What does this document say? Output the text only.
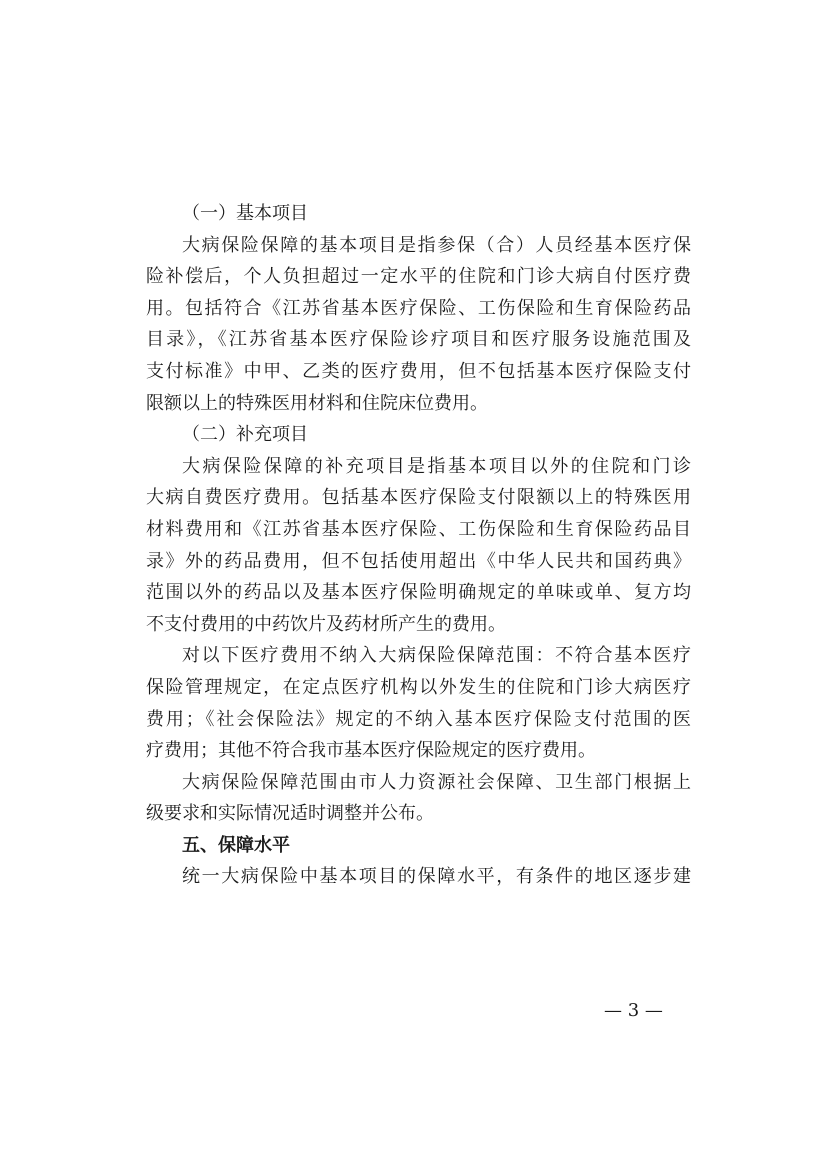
（一）基本项目
大病保险保障的基本项目是指参保（合）人员经基本医疗保
险补偿后，个人负担超过一定水平的住院和门诊大病自付医疗费
用。包括符合《江苏省基本医疗保险、工伤保险和生育保险药品
目录》，《江苏省基本医疗保险诊疗项目和医疗服务设施范围及
支付标准》中甲、乙类的医疗费用，但不包括基本医疗保险支付
限额以上的特殊医用材料和住院床位费用。
（二）补充项目
大病保险保障的补充项目是指基本项目以外的住院和门诊
大病自费医疗费用。包括基本医疗保险支付限额以上的特殊医用
材料费用和《江苏省基本医疗保险、工伤保险和生育保险药品目
录》外的药品费用，但不包括使用超出《中华人民共和国药典》
范围以外的药品以及基本医疗保险明确规定的单味或单、复方均
不支付费用的中药饮片及药材所产生的费用。
对以下医疗费用不纳入大病保险保障范围：不符合基本医疗
保险管理规定，在定点医疗机构以外发生的住院和门诊大病医疗
费用；《社会保险法》规定的不纳入基本医疗保险支付范围的医
疗费用；其他不符合我市基本医疗保险规定的医疗费用。
大病保险保障范围由市人力资源社会保障、卫生部门根据上
级要求和实际情况适时调整并公布。
五、保障水平
统一大病保险中基本项目的保障水平，有条件的地区逐步建
— 3 —
